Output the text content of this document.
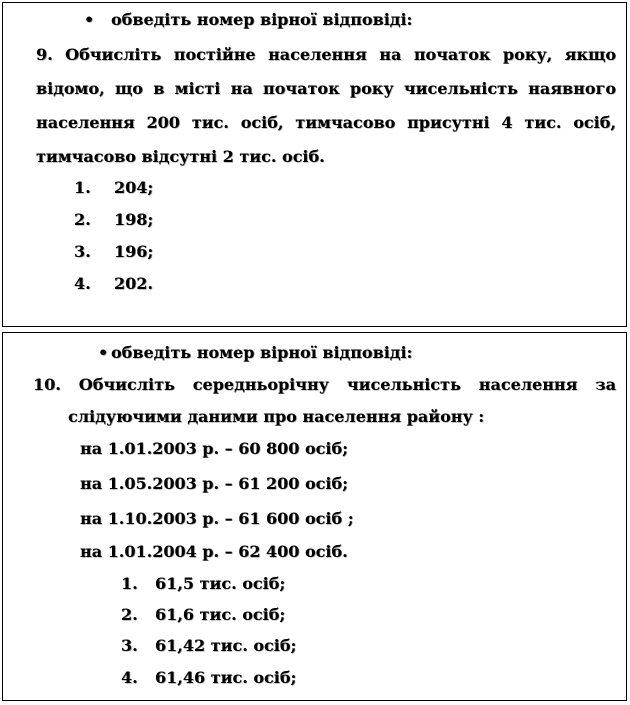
• обведіть номер вірної відповіді:
9. Обчисліть постійне населення на початок року, якщо
відомо, що в місті на початок року чисельність наявного
населення 200 тис. осіб, тимчасово присутні 4 тис. осіб,
тимчасово відсутні 2 тис. осіб.
1. 204;
2. 198;
3. 196;
4. 202.
• обведіть номер вірної відповіді:
10. Обчисліть середньорічну чисельність населення за
слідуючими даними про населення району :
на 1.01.2003 р. – 60 800 осіб;
на 1.05.2003 р. – 61 200 осіб;
на 1.10.2003 р. – 61 600 осіб ;
на 1.01.2004 р. – 62 400 осіб.
1. 61,5 тис. осіб;
2. 61,6 тис. осіб;
3. 61,42 тис. осіб;
4. 61,46 тис. осіб;
